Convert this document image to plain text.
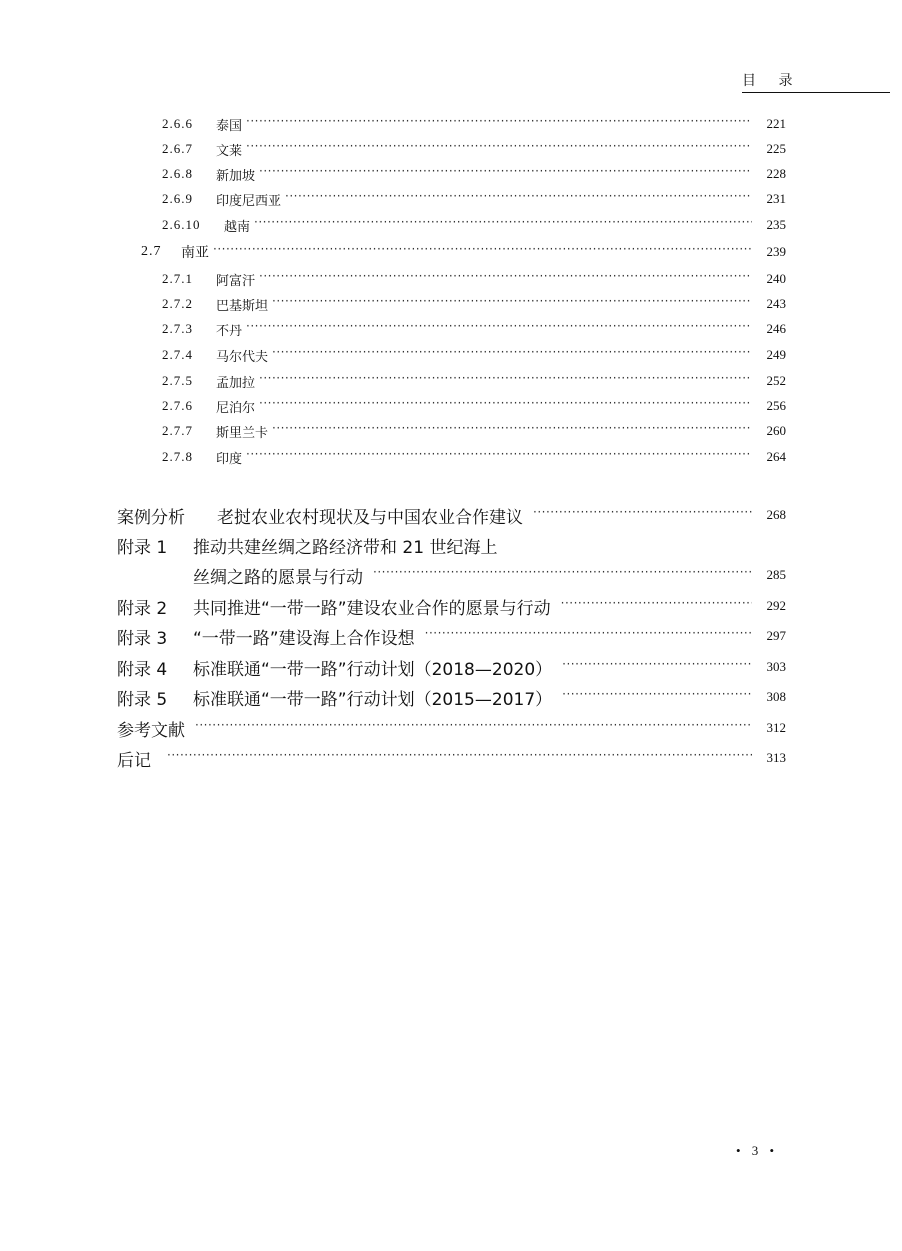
目 录
2.6.6	泰国 ·····	221
2.6.7	文莱 ·····	225
2.6.8	新加坡 ·····	228
2.6.9	印度尼西亚 ·····	231
2.6.10	越南 ·····	235
2.7	南亚 ·····	239
2.7.1	阿富汗 ·····	240
2.7.2	巴基斯坦 ·····	243
2.7.3	不丹 ·····	246
2.7.4	马尔代夫 ·····	249
2.7.5	孟加拉 ·····	252
2.7.6	尼泊尔 ·····	256
2.7.7	斯里兰卡 ·····	260
2.7.8	印度 ·····	264
案例分析	老挝农业农村现状及与中国农业合作建议 ·····	268
附录 1	推动共建丝绸之路经济带和 21 世纪海上
丝绸之路的愿景与行动 ·····	285
附录 2	共同推进“一带一路”建设农业合作的愿景与行动 ·····	292
附录 3	“一带一路”建设海上合作设想 ·····	297
附录 4	标准联通“一带一路”行动计划（2018—2020） ·····	303
附录 5	标准联通“一带一路”行动计划（2015—2017） ·····	308
参考文献 ·····	312
后记 ·····	313
• 3 •
